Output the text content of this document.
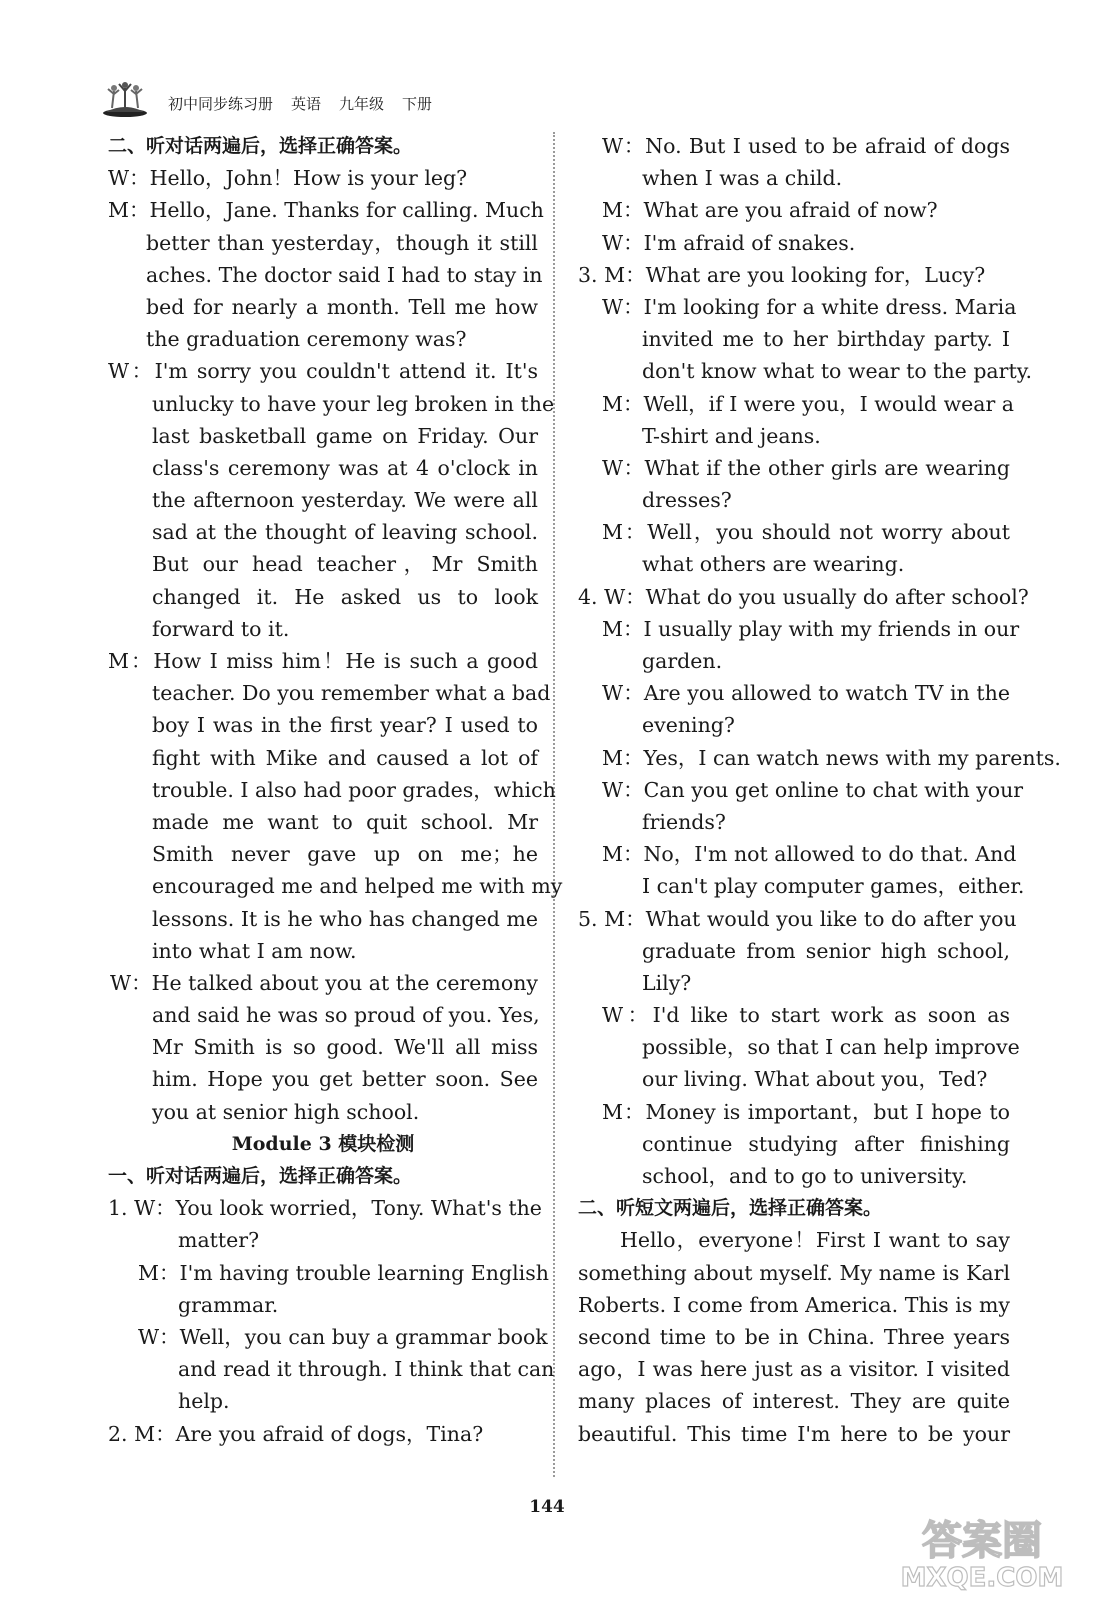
初中同步练习册 英语 九年级 下册
二、听对话两遍后，选择正确答案。
W：Hello，John！How is your leg?
M：Hello，Jane. Thanks for calling. Much
better than yesterday，though it still
aches. The doctor said I had to stay in
bed for nearly a month. Tell me how
the graduation ceremony was?
W：I'm sorry you couldn't attend it. It's
unlucky to have your leg broken in the
last basketball game on Friday. Our
class's ceremony was at 4 o'clock in
the afternoon yesterday. We were all
sad at the thought of leaving school.
But our head teacher，Mr Smith
changed it. He asked us to look
forward to it.
M：How I miss him！He is such a good
teacher. Do you remember what a bad
boy I was in the first year? I used to
fight with Mike and caused a lot of
trouble. I also had poor grades，which
made me want to quit school. Mr
Smith never gave up on me；he
encouraged me and helped me with my
lessons. It is he who has changed me
into what I am now.
W：He talked about you at the ceremony
and said he was so proud of you. Yes,
Mr Smith is so good. We'll all miss
him. Hope you get better soon. See
you at senior high school.
Module 3 模块检测
一、听对话两遍后，选择正确答案。
1. W：You look worried，Tony. What's the
matter?
M：I'm having trouble learning English
grammar.
W：Well，you can buy a grammar book
and read it through. I think that can
help.
2. M：Are you afraid of dogs，Tina?
W：No. But I used to be afraid of dogs
when I was a child.
M：What are you afraid of now?
W：I'm afraid of snakes.
3. M：What are you looking for，Lucy?
W：I'm looking for a white dress. Maria
invited me to her birthday party. I
don't know what to wear to the party.
M：Well，if I were you，I would wear a
T-shirt and jeans.
W：What if the other girls are wearing
dresses?
M：Well，you should not worry about
what others are wearing.
4. W：What do you usually do after school?
M：I usually play with my friends in our
garden.
W：Are you allowed to watch TV in the
evening?
M：Yes，I can watch news with my parents.
W：Can you get online to chat with your
friends?
M：No，I'm not allowed to do that. And
I can't play computer games，either.
5. M：What would you like to do after you
graduate from senior high school,
Lily?
W：I'd like to start work as soon as
possible，so that I can help improve
our living. What about you，Ted?
M：Money is important，but I hope to
continue studying after finishing
school，and to go to university.
二、听短文两遍后，选择正确答案。
Hello，everyone！First I want to say
something about myself. My name is Karl
Roberts. I come from America. This is my
second time to be in China. Three years
ago，I was here just as a visitor. I visited
many places of interest. They are quite
beautiful. This time I'm here to be your
144
答案圈
MXQE.COM
